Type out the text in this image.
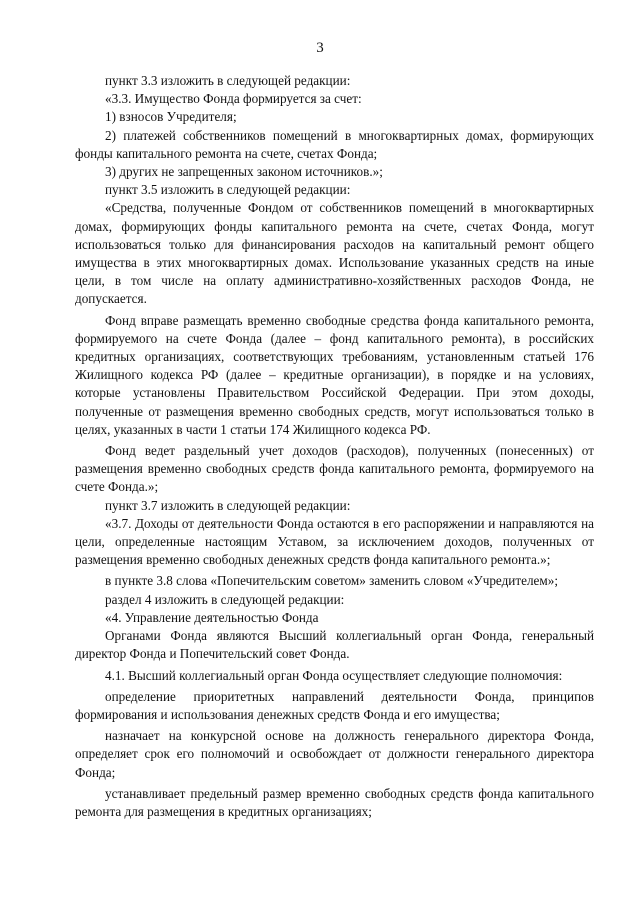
3

пункт 3.3 изложить в следующей редакции:

«3.3. Имущество Фонда формируется за счет:

1) взносов Учредителя;

2) платежей собственников помещений в многоквартирных домах, формирующих фонды капитального ремонта на счете, счетах Фонда;

3) других не запрещенных законом источников.»;

пункт 3.5 изложить в следующей редакции:

«Средства, полученные Фондом от собственников помещений в многоквартирных домах, формирующих фонды капитального ремонта на счете, счетах Фонда, могут использоваться только для финансирования расходов на капитальный ремонт общего имущества в этих многоквартирных домах. Использование указанных средств на иные цели, в том числе на оплату административно-хозяйственных расходов Фонда, не допускается.

Фонд вправе размещать временно свободные средства фонда капитального ремонта, формируемого на счете Фонда (далее – фонд капитального ремонта), в российских кредитных организациях, соответствующих требованиям, установленным статьей 176 Жилищного кодекса РФ (далее – кредитные организации), в порядке и на условиях, которые установлены Правительством Российской Федерации. При этом доходы, полученные от размещения временно свободных средств, могут использоваться только в целях, указанных в части 1 статьи 174 Жилищного кодекса РФ.

Фонд ведет раздельный учет доходов (расходов), полученных (понесенных) от размещения временно свободных средств фонда капитального ремонта, формируемого на счете Фонда.»;

пункт 3.7 изложить в следующей редакции:

«3.7. Доходы от деятельности Фонда остаются в его распоряжении и направляются на цели, определенные настоящим Уставом, за исключением доходов, полученных от размещения временно свободных денежных средств фонда капитального ремонта.»;

в пункте 3.8 слова «Попечительским советом» заменить словом «Учредителем»;

раздел 4 изложить в следующей редакции:

«4. Управление деятельностью Фонда

Органами Фонда являются Высший коллегиальный орган Фонда, генеральный директор Фонда и Попечительский совет Фонда.

4.1. Высший коллегиальный орган Фонда осуществляет следующие полномочия:

определение приоритетных направлений деятельности Фонда, принципов формирования и использования денежных средств Фонда и его имущества;

назначает на конкурсной основе на должность генерального директора Фонда, определяет срок его полномочий и освобождает от должности генерального директора Фонда;

устанавливает предельный размер временно свободных средств фонда капитального ремонта для размещения в кредитных организациях;
